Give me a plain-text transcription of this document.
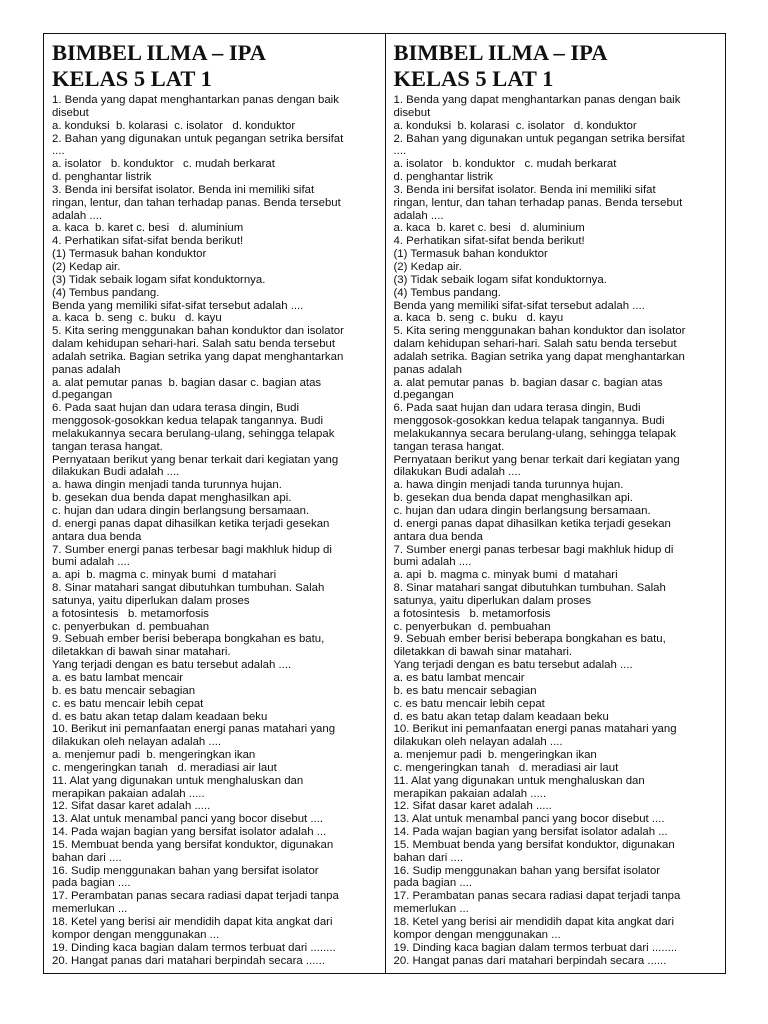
BIMBEL ILMA – IPA
KELAS 5 LAT 1
1. Benda yang dapat menghantarkan panas dengan baik
disebut
a. konduksi  b. kolarasi  c. isolator   d. konduktor
2. Bahan yang digunakan untuk pegangan setrika bersifat
....
a. isolator   b. konduktor   c. mudah berkarat
d. penghantar listrik
3. Benda ini bersifat isolator. Benda ini memiliki sifat
ringan, lentur, dan tahan terhadap panas. Benda tersebut
adalah ....
a. kaca  b. karet c. besi   d. aluminium
4. Perhatikan sifat-sifat benda berikut!
(1) Termasuk bahan konduktor
(2) Kedap air.
(3) Tidak sebaik logam sifat konduktornya.
(4) Tembus pandang.
Benda yang memiliki sifat-sifat tersebut adalah ....
a. kaca  b. seng  c. buku   d. kayu
5. Kita sering menggunakan bahan konduktor dan isolator
dalam kehidupan sehari-hari. Salah satu benda tersebut
adalah setrika. Bagian setrika yang dapat menghantarkan
panas adalah
a. alat pemutar panas  b. bagian dasar c. bagian atas
d.pegangan
6. Pada saat hujan dan udara terasa dingin, Budi
menggosok-gosokkan kedua telapak tangannya. Budi
melakukannya secara berulang-ulang, sehingga telapak
tangan terasa hangat.
Pernyataan berikut yang benar terkait dari kegiatan yang
dilakukan Budi adalah ....
a. hawa dingin menjadi tanda turunnya hujan.
b. gesekan dua benda dapat menghasilkan api.
c. hujan dan udara dingin berlangsung bersamaan.
d. energi panas dapat dihasilkan ketika terjadi gesekan
antara dua benda
7. Sumber energi panas terbesar bagi makhluk hidup di
bumi adalah ....
a. api  b. magma c. minyak bumi  d matahari
8. Sinar matahari sangat dibutuhkan tumbuhan. Salah
satunya, yaitu diperlukan dalam proses
a fotosintesis   b. metamorfosis
c. penyerbukan  d. pembuahan
9. Sebuah ember berisi beberapa bongkahan es batu,
diletakkan di bawah sinar matahari.
Yang terjadi dengan es batu tersebut adalah ....
a. es batu lambat mencair
b. es batu mencair sebagian
c. es batu mencair lebih cepat
d. es batu akan tetap dalam keadaan beku
10. Berikut ini pemanfaatan energi panas matahari yang
dilakukan oleh nelayan adalah ....
a. menjemur padi  b. mengeringkan ikan
c. mengeringkan tanah   d. meradiasi air laut
11. Alat yang digunakan untuk menghaluskan dan
merapikan pakaian adalah .....
12. Sifat dasar karet adalah .....
13. Alat untuk menambal panci yang bocor disebut ....
14. Pada wajan bagian yang bersifat isolator adalah ...
15. Membuat benda yang bersifat konduktor, digunakan
bahan dari ....
16. Sudip menggunakan bahan yang bersifat isolator
pada bagian ....
17. Perambatan panas secara radiasi dapat terjadi tanpa
memerlukan ...
18. Ketel yang berisi air mendidih dapat kita angkat dari
kompor dengan menggunakan ...
19. Dinding kaca bagian dalam termos terbuat dari ........
20. Hangat panas dari matahari berpindah secara ......
BIMBEL ILMA – IPA
KELAS 5 LAT 1
1. Benda yang dapat menghantarkan panas dengan baik
disebut
a. konduksi  b. kolarasi  c. isolator   d. konduktor
2. Bahan yang digunakan untuk pegangan setrika bersifat
....
a. isolator   b. konduktor   c. mudah berkarat
d. penghantar listrik
3. Benda ini bersifat isolator. Benda ini memiliki sifat
ringan, lentur, dan tahan terhadap panas. Benda tersebut
adalah ....
a. kaca  b. karet c. besi   d. aluminium
4. Perhatikan sifat-sifat benda berikut!
(1) Termasuk bahan konduktor
(2) Kedap air.
(3) Tidak sebaik logam sifat konduktornya.
(4) Tembus pandang.
Benda yang memiliki sifat-sifat tersebut adalah ....
a. kaca  b. seng  c. buku   d. kayu
5. Kita sering menggunakan bahan konduktor dan isolator
dalam kehidupan sehari-hari. Salah satu benda tersebut
adalah setrika. Bagian setrika yang dapat menghantarkan
panas adalah
a. alat pemutar panas  b. bagian dasar c. bagian atas
d.pegangan
6. Pada saat hujan dan udara terasa dingin, Budi
menggosok-gosokkan kedua telapak tangannya. Budi
melakukannya secara berulang-ulang, sehingga telapak
tangan terasa hangat.
Pernyataan berikut yang benar terkait dari kegiatan yang
dilakukan Budi adalah ....
a. hawa dingin menjadi tanda turunnya hujan.
b. gesekan dua benda dapat menghasilkan api.
c. hujan dan udara dingin berlangsung bersamaan.
d. energi panas dapat dihasilkan ketika terjadi gesekan
antara dua benda
7. Sumber energi panas terbesar bagi makhluk hidup di
bumi adalah ....
a. api  b. magma c. minyak bumi  d matahari
8. Sinar matahari sangat dibutuhkan tumbuhan. Salah
satunya, yaitu diperlukan dalam proses
a fotosintesis   b. metamorfosis
c. penyerbukan  d. pembuahan
9. Sebuah ember berisi beberapa bongkahan es batu,
diletakkan di bawah sinar matahari.
Yang terjadi dengan es batu tersebut adalah ....
a. es batu lambat mencair
b. es batu mencair sebagian
c. es batu mencair lebih cepat
d. es batu akan tetap dalam keadaan beku
10. Berikut ini pemanfaatan energi panas matahari yang
dilakukan oleh nelayan adalah ....
a. menjemur padi  b. mengeringkan ikan
c. mengeringkan tanah   d. meradiasi air laut
11. Alat yang digunakan untuk menghaluskan dan
merapikan pakaian adalah .....
12. Sifat dasar karet adalah .....
13. Alat untuk menambal panci yang bocor disebut ....
14. Pada wajan bagian yang bersifat isolator adalah ...
15. Membuat benda yang bersifat konduktor, digunakan
bahan dari ....
16. Sudip menggunakan bahan yang bersifat isolator
pada bagian ....
17. Perambatan panas secara radiasi dapat terjadi tanpa
memerlukan ...
18. Ketel yang berisi air mendidih dapat kita angkat dari
kompor dengan menggunakan ...
19. Dinding kaca bagian dalam termos terbuat dari ........
20. Hangat panas dari matahari berpindah secara ......
